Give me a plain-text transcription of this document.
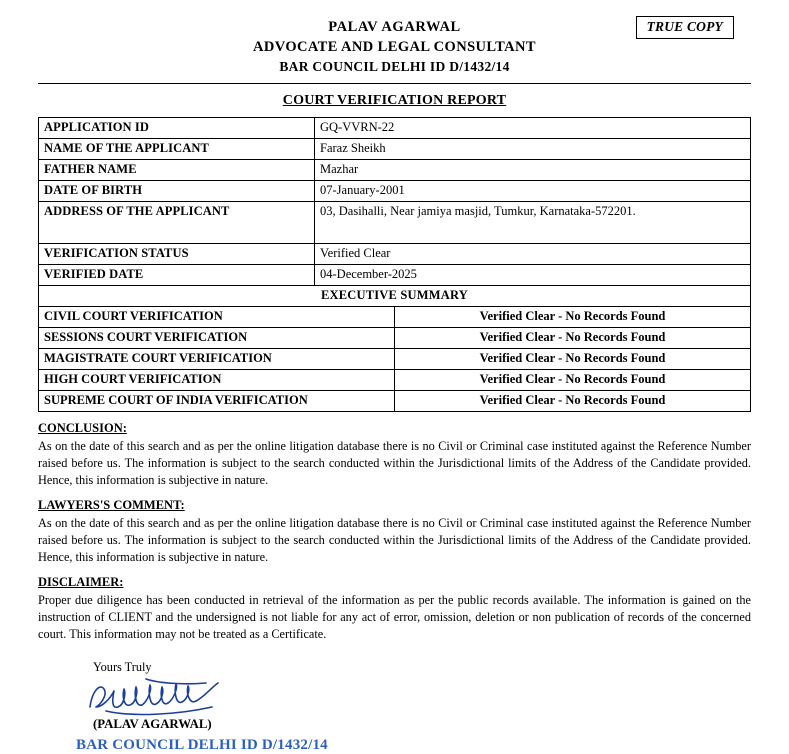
TRUE COPY
PALAV AGARWAL
ADVOCATE AND LEGAL CONSULTANT
BAR COUNCIL DELHI ID D/1432/14
COURT VERIFICATION REPORT
APPLICATION ID	GQ-VVRN-22
NAME OF THE APPLICANT	Faraz Sheikh
FATHER NAME	Mazhar
DATE OF BIRTH	07-January-2001
ADDRESS OF THE APPLICANT	03, Dasihalli, Near jamiya masjid, Tumkur, Karnataka-572201.
VERIFICATION STATUS	Verified Clear
VERIFIED DATE	04-December-2025
EXECUTIVE SUMMARY	
CIVIL COURT VERIFICATION	Verified Clear - No Records Found
SESSIONS COURT VERIFICATION	Verified Clear - No Records Found
MAGISTRATE COURT VERIFICATION	Verified Clear - No Records Found
HIGH COURT VERIFICATION	Verified Clear - No Records Found
SUPREME COURT OF INDIA VERIFICATION	Verified Clear - No Records Found
CONCLUSION:
As on the date of this search and as per the online litigation database there is no Civil or Criminal case instituted against the Reference Number raised before us. The information is subject to the search conducted within the Jurisdictional limits of the Address of the Candidate provided. Hence, this information is subjective in nature.
LAWYERS'S COMMENT:
As on the date of this search and as per the online litigation database there is no Civil or Criminal case instituted against the Reference Number raised before us. The information is subject to the search conducted within the Jurisdictional limits of the Address of the Candidate provided. Hence, this information is subjective in nature.
DISCLAIMER:
Proper due diligence has been conducted in retrieval of the information as per the public records available. The information is gained on the instruction of CLIENT and the undersigned is not liable for any act of error, omission, deletion or non publication of records of the concerned court. This information may not be treated as a Certificate.
Yours Truly
(PALAV AGARWAL)
BAR COUNCIL DELHI ID D/1432/14
